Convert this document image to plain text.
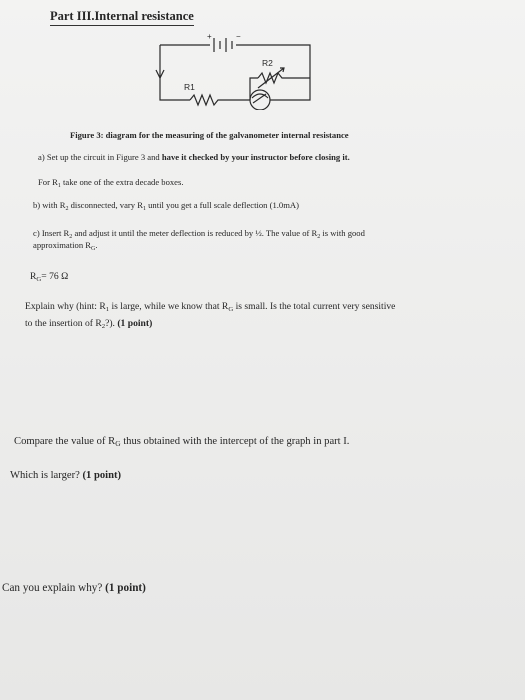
Part III.Internal resistance
+	−
R2
R1
Figure 3: diagram for the measuring of the galvanometer internal resistance
a) Set up the circuit in Figure 3 and have it checked by your instructor before closing it.
For $R_1$ take one of the extra decade boxes.
b) with $R_2$ disconnected, vary $R_1$ until you get a full scale deflection (1.0mA)
c) Insert $R_2$ and adjust it until the meter deflection is reduced by ½. The value of $R_2$ is with good
approximation $R_G$.
$R_G= 76$ Ω
Explain why (hint: $R_1$ is large, while we know that $R_G$ is small. Is the total current very sensitive
to the insertion of $R_2$?). (1 point)
Compare the value of $R_G$ thus obtained with the intercept of the graph in part I.
Which is larger? (1 point)
Can you explain why? (1 point)
